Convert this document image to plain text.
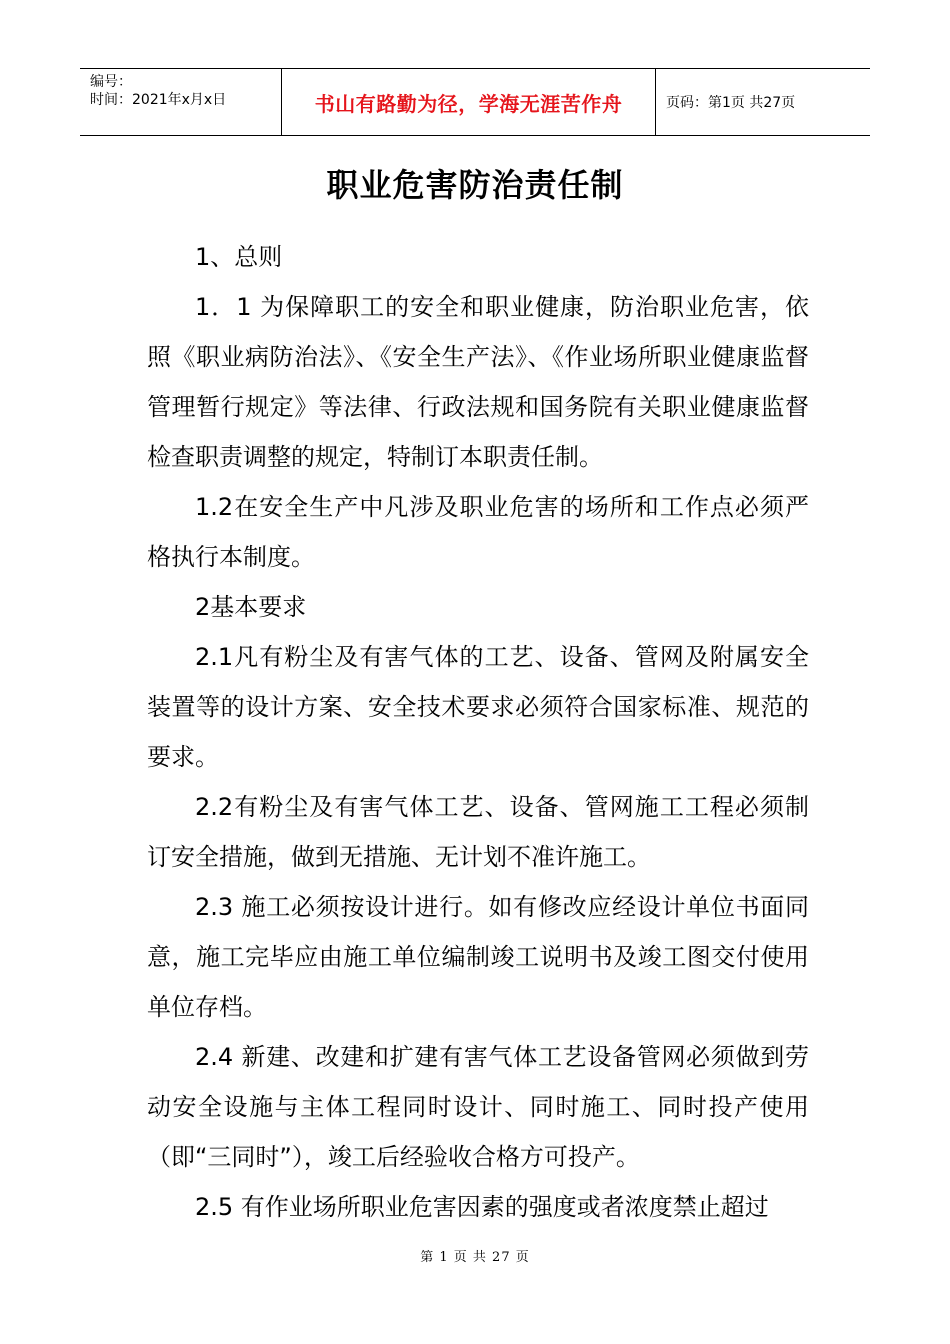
编号：
时间：2021年x月x日	书山有路勤为径，学海无涯苦作舟	页码：第1页 共27页
职业危害防治责任制

1、总则

1．1 为保障职工的安全和职业健康，防治职业危害，依照《职业病防治法》、《安全生产法》、《作业场所职业健康监督管理暂行规定》等法律、行政法规和国务院有关职业健康监督检查职责调整的规定，特制订本职责任制。

1.2在安全生产中凡涉及职业危害的场所和工作点必须严格执行本制度。

2基本要求

2.1凡有粉尘及有害气体的工艺、设备、管网及附属安全装置等的设计方案、安全技术要求必须符合国家标准、规范的要求。

2.2有粉尘及有害气体工艺、设备、管网施工工程必须制订安全措施，做到无措施、无计划不准许施工。

2.3 施工必须按设计进行。如有修改应经设计单位书面同意，施工完毕应由施工单位编制竣工说明书及竣工图交付使用单位存档。

2.4 新建、改建和扩建有害气体工艺设备管网必须做到劳动安全设施与主体工程同时设计、同时施工、同时投产使用（即“三同时”），竣工后经验收合格方可投产。

2.5 有作业场所职业危害因素的强度或者浓度禁止超过

第 1 页 共 27 页
